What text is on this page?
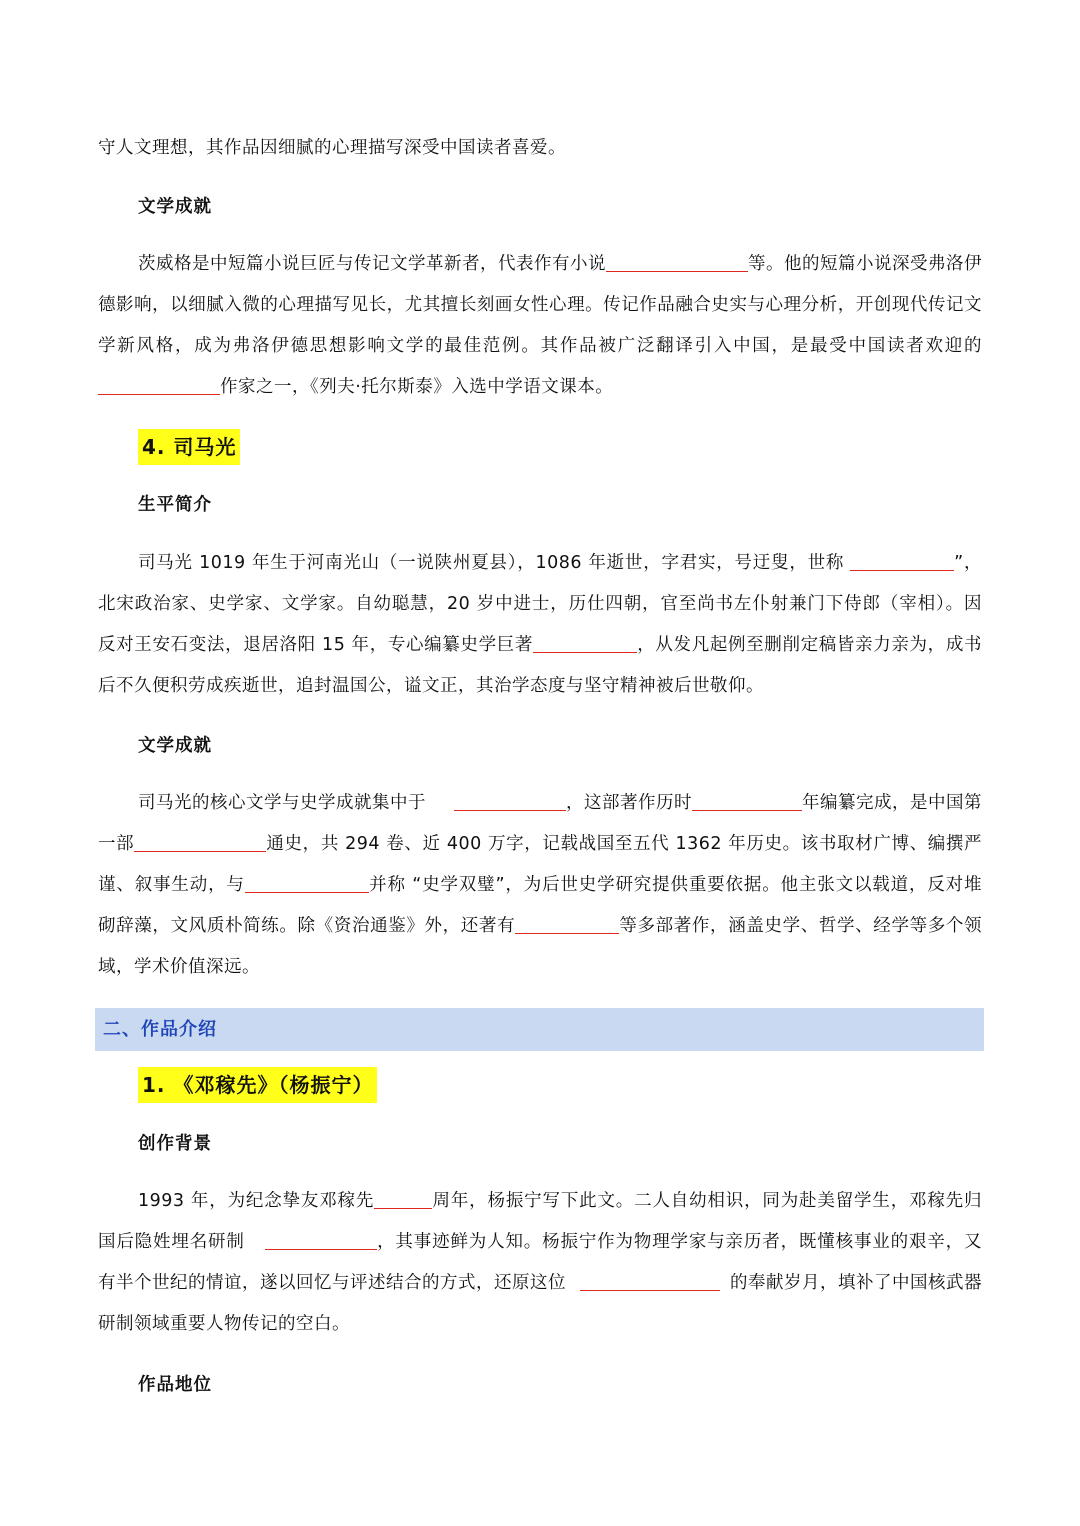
守人文理想，其作品因细腻的心理描写深受中国读者喜爱。

文学成就

茨威格是中短篇小说巨匠与传记文学革新者，代表作有小说	等。他的短篇小说深受弗洛伊德影响，以细腻入微的心理描写见长，尤其擅长刻画女性心理。传记作品融合史实与心理分析，开创现代传记文学新风格，成为弗洛伊德思想影响文学的最佳范例。其作品被广泛翻译引入中国，是最受中国读者欢迎的作家之一，《列夫·托尔斯泰》入选中学语文课本。

4. 司马光

生平简介

司马光 1019 年生于河南光山（一说陕州夏县），1086 年逝世，字君实，号迂叟，世称	”，北宋政治家、史学家、文学家。自幼聪慧，20 岁中进士，历仕四朝，官至尚书左仆射兼门下侍郎（宰相）。因反对王安石变法，退居洛阳 15 年，专心编纂史学巨著	，从发凡起例至删削定稿皆亲力亲为，成书后不久便积劳成疾逝世，追封温国公，谥文正，其治学态度与坚守精神被后世敬仰。

文学成就

司马光的核心文学与史学成就集中于	，这部著作历时	年编纂完成，是中国第一部	通史，共 294 卷、近 400 万字，记载战国至五代 1362 年历史。该书取材广博、编撰严谨、叙事生动，与	并称 “史学双璧”，为后世史学研究提供重要依据。他主张文以载道，反对堆砌辞藻，文风质朴简练。除《资治通鉴》外，还著有	等多部著作，涵盖史学、哲学、经学等多个领域，学术价值深远。

二、作品介绍
1. 《邓稼先》（杨振宁）

创作背景

1993 年，为纪念挚友邓稼先	周年，杨振宁写下此文。二人自幼相识，同为赴美留学生，邓稼先归国后隐姓埋名研制	，其事迹鲜为人知。杨振宁作为物理学家与亲历者，既懂核事业的艰辛，又有半个世纪的情谊，遂以回忆与评述结合的方式，还原这位	的奉献岁月，填补了中国核武器研制领域重要人物传记的空白。

作品地位
